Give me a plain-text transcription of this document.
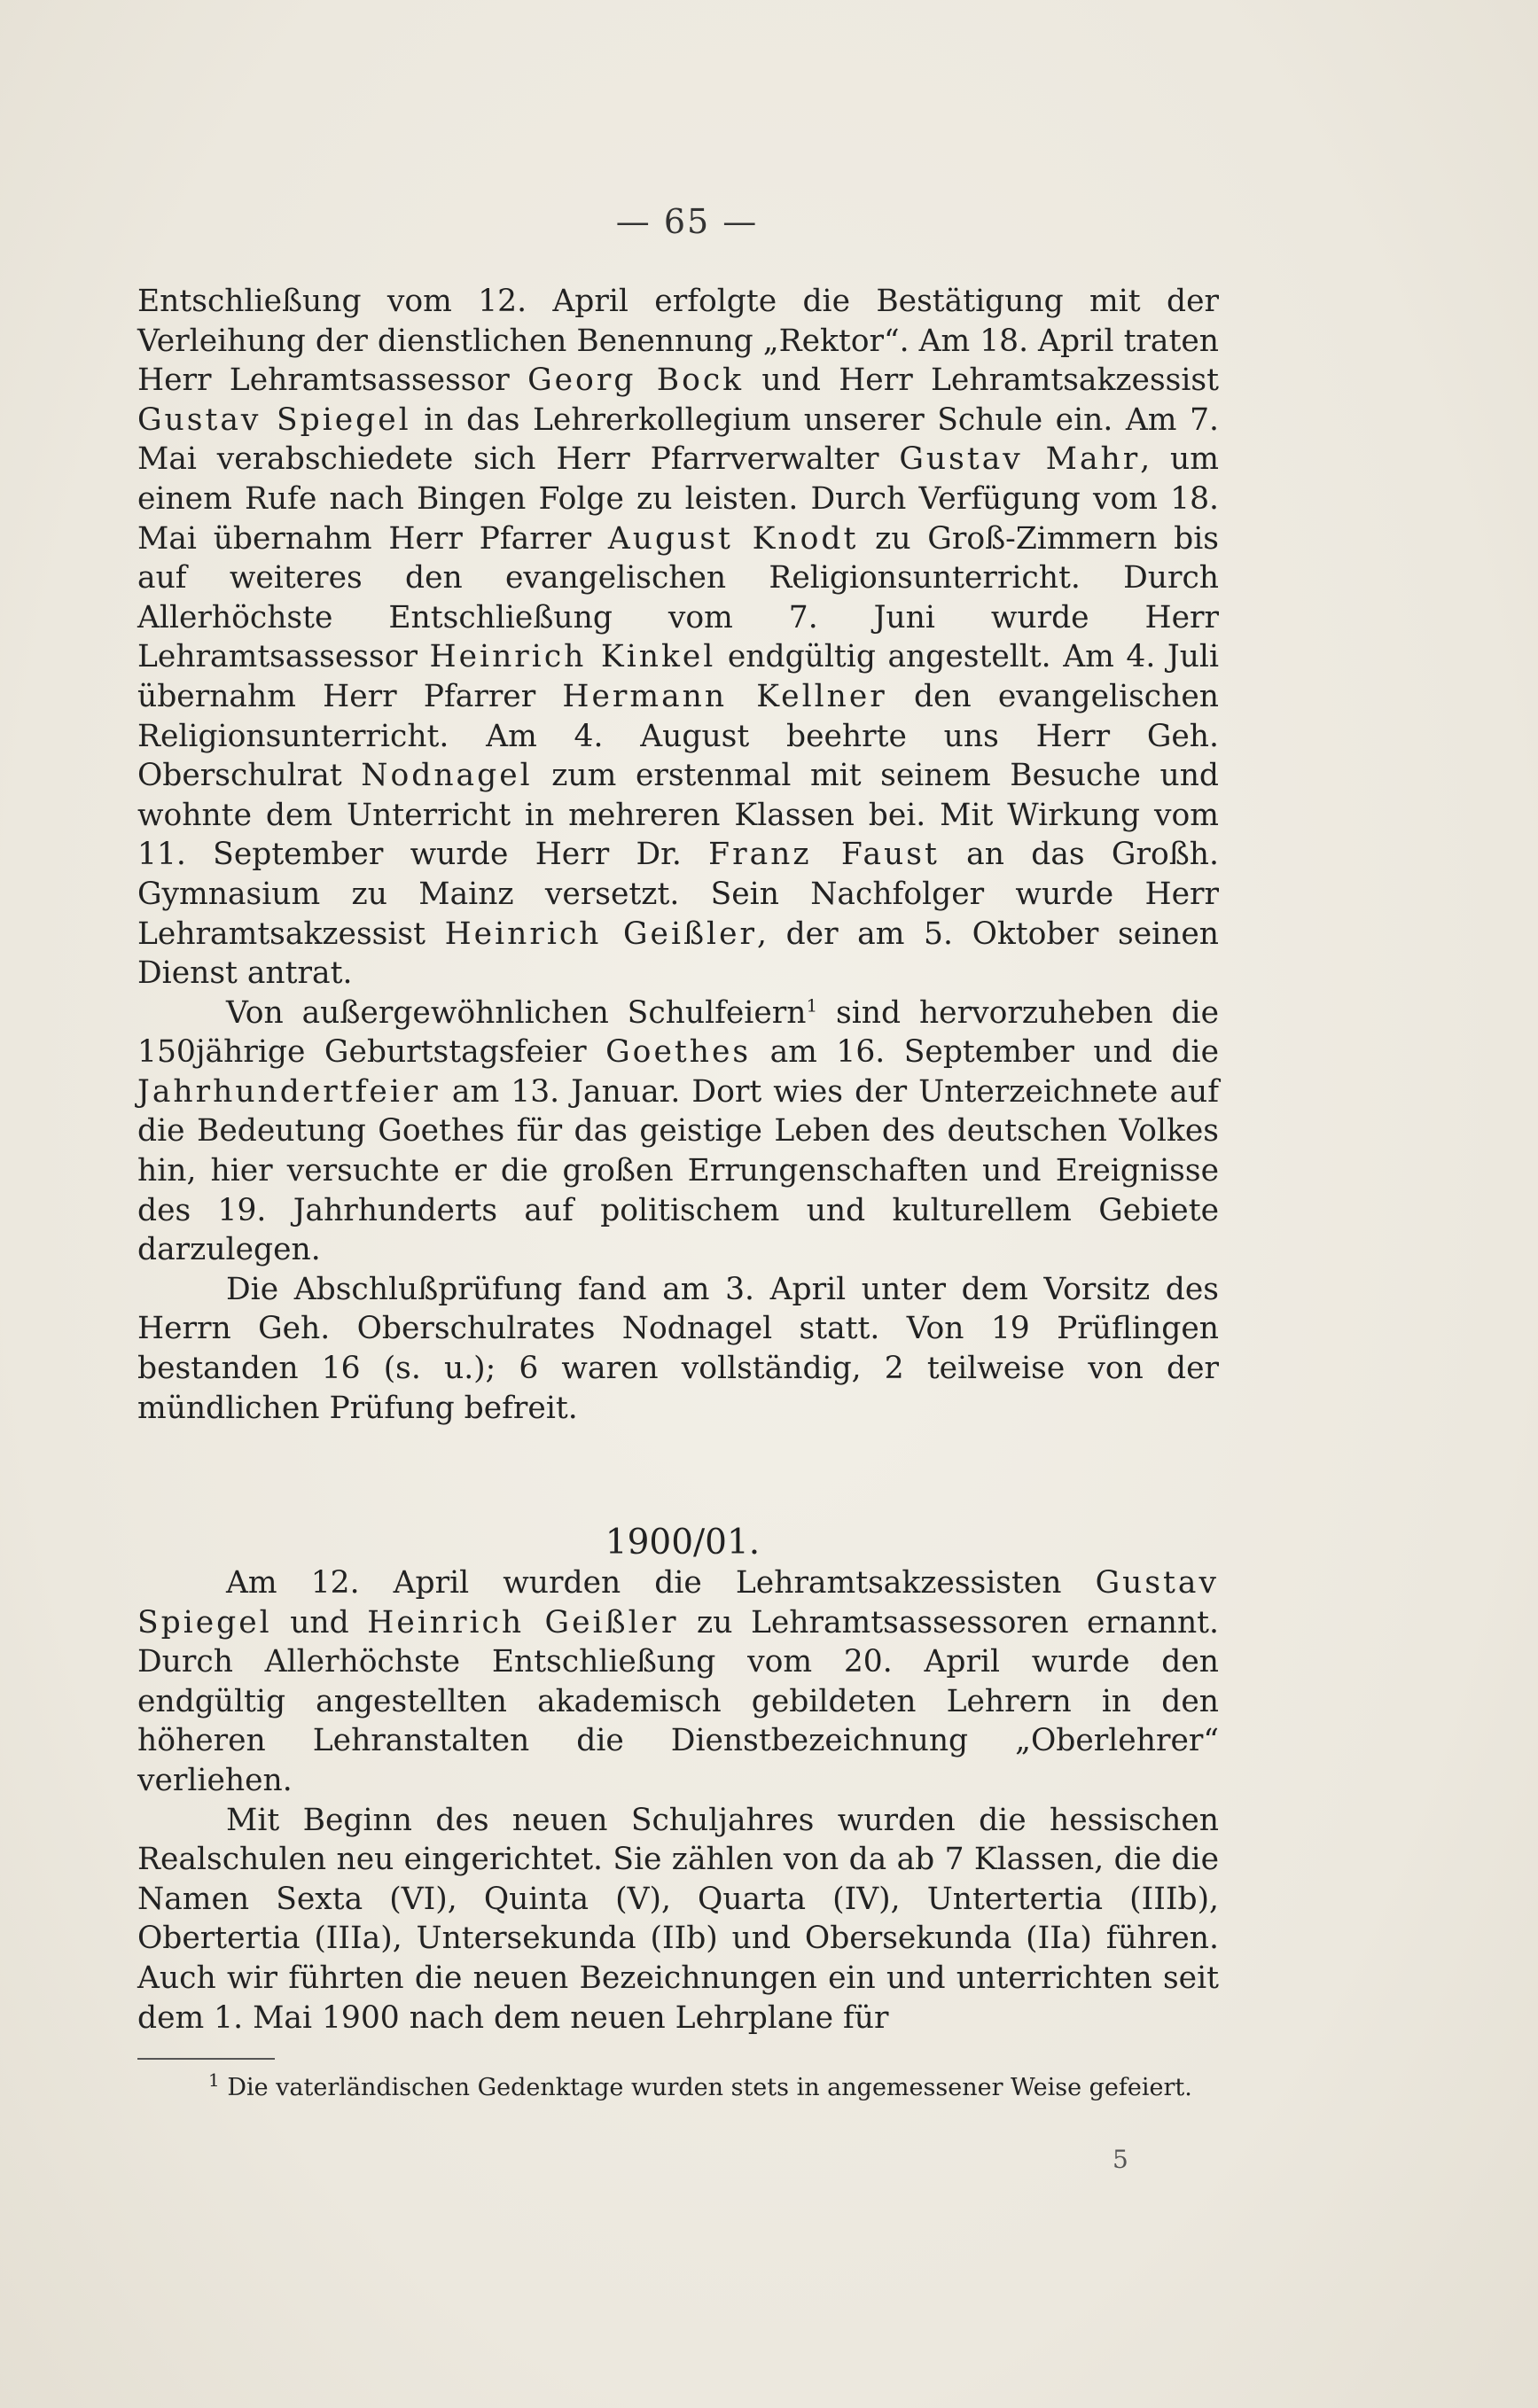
— 65 —

Entschließung vom 12. April erfolgte die Bestätigung mit der Verleihung der dienstlichen Benennung „Rektor“. Am 18. April traten Herr Lehramtsassessor Georg Bock und Herr Lehramtsakzessist Gustav Spiegel in das Lehrerkollegium unserer Schule ein. Am 7. Mai verabschiedete sich Herr Pfarrverwalter Gustav Mahr, um einem Rufe nach Bingen Folge zu leisten. Durch Verfügung vom 18. Mai übernahm Herr Pfarrer August Knodt zu Groß-Zimmern bis auf weiteres den evangelischen Religionsunterricht. Durch Allerhöchste Entschließung vom 7. Juni wurde Herr Lehramtsassessor Heinrich Kinkel endgültig angestellt. Am 4. Juli übernahm Herr Pfarrer Hermann Kellner den evangelischen Religionsunterricht. Am 4. August beehrte uns Herr Geh. Oberschulrat Nodnagel zum erstenmal mit seinem Besuche und wohnte dem Unterricht in mehreren Klassen bei. Mit Wirkung vom 11. September wurde Herr Dr. Franz Faust an das Großh. Gymnasium zu Mainz versetzt. Sein Nachfolger wurde Herr Lehramtsakzessist Heinrich Geißler, der am 5. Oktober seinen Dienst antrat.

Von außergewöhnlichen Schulfeiern$^1$ sind hervorzuheben die 150jährige Geburtstagsfeier Goethes am 16. September und die Jahrhundertfeier am 13. Januar. Dort wies der Unterzeichnete auf die Bedeutung Goethes für das geistige Leben des deutschen Volkes hin, hier versuchte er die großen Errungenschaften und Ereignisse des 19. Jahrhunderts auf politischem und kulturellem Gebiete darzulegen.

Die Abschlußprüfung fand am 3. April unter dem Vorsitz des Herrn Geh. Oberschulrates Nodnagel statt. Von 19 Prüflingen bestanden 16 (s. u.); 6 waren vollständig, 2 teilweise von der mündlichen Prüfung befreit.

1900/01.

Am 12. April wurden die Lehramtsakzessisten Gustav Spiegel und Heinrich Geißler zu Lehramtsassessoren ernannt. Durch Allerhöchste Entschließung vom 20. April wurde den endgültig angestellten akademisch gebildeten Lehrern in den höheren Lehranstalten die Dienstbezeichnung „Oberlehrer“ verliehen.

Mit Beginn des neuen Schuljahres wurden die hessischen Realschulen neu eingerichtet. Sie zählen von da ab 7 Klassen, die die Namen Sexta (VI), Quinta (V), Quarta (IV), Untertertia (IIIb), Obertertia (IIIa), Untersekunda (IIb) und Obersekunda (IIa) führen. Auch wir führten die neuen Bezeichnungen ein und unterrichten seit dem 1. Mai 1900 nach dem neuen Lehrplane für

$^1$ Die vaterländischen Gedenktage wurden stets in angemessener Weise gefeiert.

5
